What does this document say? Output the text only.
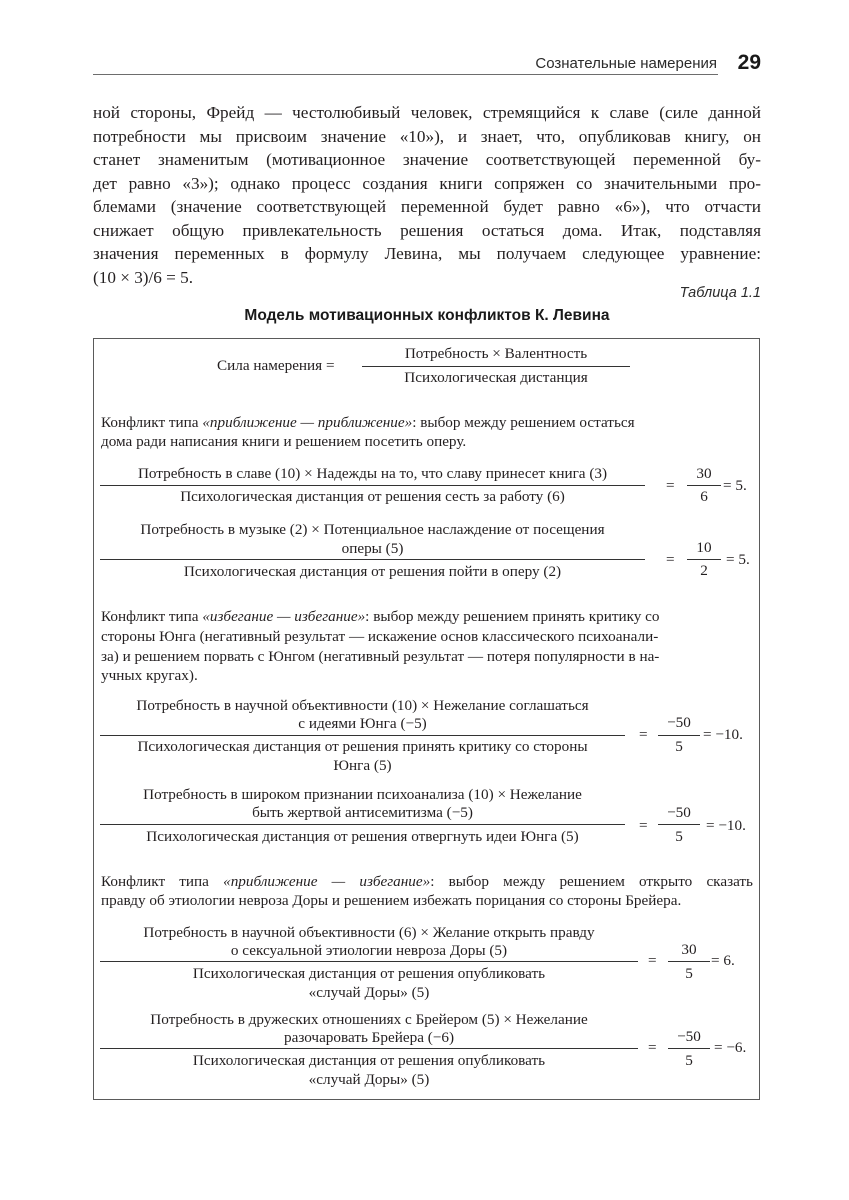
Сознательные намерения 29
ной стороны, Фрейд — честолюбивый человек, стремящийся к славе (силе данной
потребности мы присвоим значение «10»), и знает, что, опубликовав книгу, он
станет знаменитым (мотивационное значение соответствующей переменной бу-
дет равно «3»); однако процесс создания книги сопряжен со значительными про-
блемами (значение соответствующей переменной будет равно «6»), что отчасти
снижает общую привлекательность решения остаться дома. Итак, подставляя
значения переменных в формулу Левина, мы получаем следующее уравнение:
(10 × 3)/6 = 5.
Таблица 1.1
Модель мотивационных конфликтов К. Левина
Сила намерения =
Потребность × Валентность
Психологическая дистанция
Конфликт типа «приближение — приближение»: выбор между решением остаться
дома ради написания книги и решением посетить оперу.
Потребность в славе (10) × Надежды на то, что славу принесет книга (3)
Психологическая дистанция от решения сесть за работу (6)
=
30
6
= 5.
Потребность в музыке (2) × Потенциальное наслаждение от посещения
оперы (5)
Психологическая дистанция от решения пойти в оперу (2)
=
10
2
= 5.
Конфликт типа «избегание — избегание»: выбор между решением принять критику со
стороны Юнга (негативный результат — искажение основ классического психоанали-
за) и решением порвать с Юнгом (негативный результат — потеря популярности в на-
учных кругах).
Потребность в научной объективности (10) × Нежелание соглашаться
с идеями Юнга (−5)
Психологическая дистанция от решения принять критику со стороны
Юнга (5)
=
−50
5
= −10.
Потребность в широком признании психоанализа (10) × Нежелание
быть жертвой антисемитизма (−5)
Психологическая дистанция от решения отвергнуть идеи Юнга (5)
=
−50
5
= −10.
Конфликт типа «приближение — избегание»: выбор между решением открыто сказать
правду об этиологии невроза Доры и решением избежать порицания со стороны Брейера.
Потребность в научной объективности (6) × Желание открыть правду
о сексуальной этиологии невроза Доры (5)
Психологическая дистанция от решения опубликовать
«случай Доры» (5)
=
30
5
= 6.
Потребность в дружеских отношениях с Брейером (5) × Нежелание
разочаровать Брейера (−6)
Психологическая дистанция от решения опубликовать
«случай Доры» (5)
=
−50
5
= −6.
